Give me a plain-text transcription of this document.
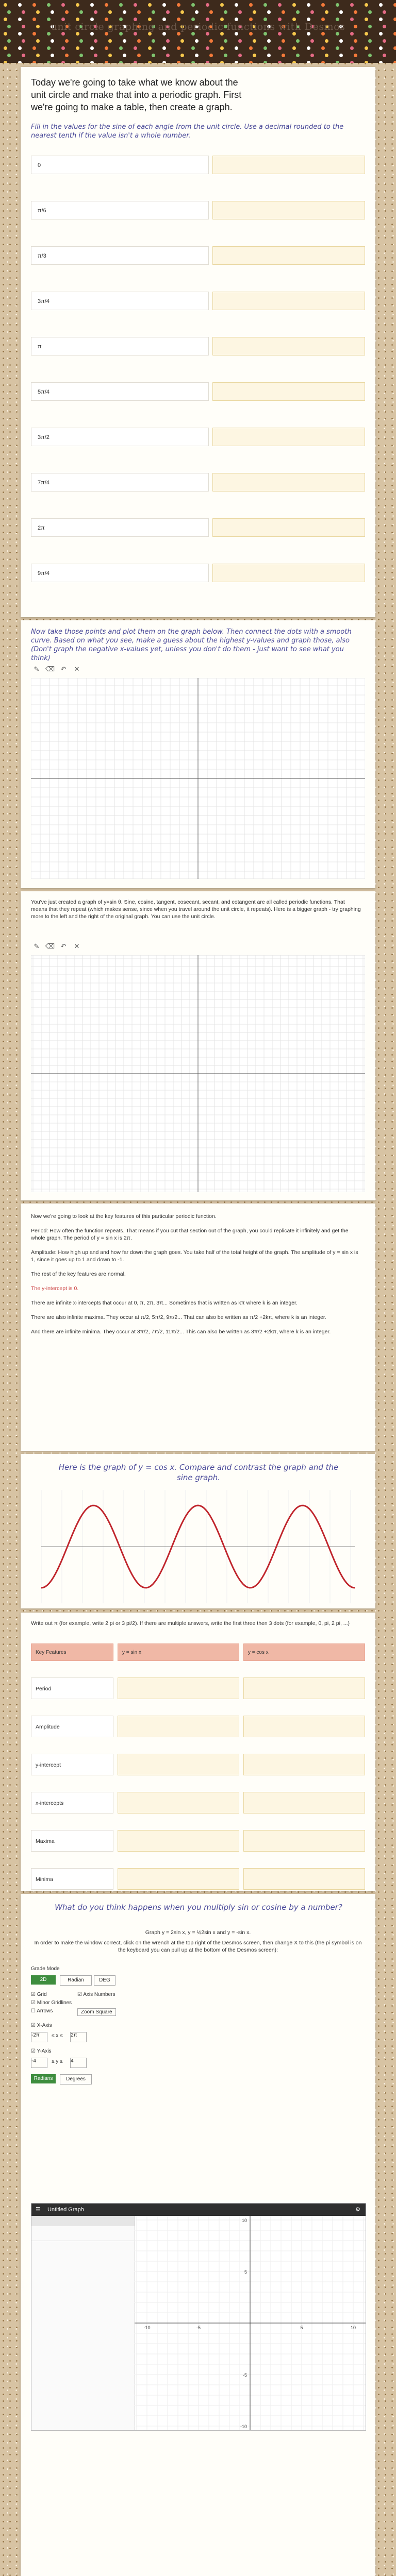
unit circle graphing and periodic functions with Desmos
Today we're going to take what we know about the
unit circle and make that into a periodic graph. First
we're going to make a table, then create a graph.
Fill in the values for the sine of each angle from the unit circle. Use a decimal rounded to the nearest tenth if the value isn't a whole number.
0
π/6
π/3
3π/4
π
5π/4
3π/2
7π/4
2π
9π/4
Now take those points and plot them on the graph below. Then connect the dots with a smooth curve. Based on what you see, make a guess about the highest y-values and graph those, also (Don't graph the negative x-values yet, unless you don't do them - just want to see what you think)
✎ ⌫ ↶	✕
You've just created a graph of y=sin θ. Sine, cosine, tangent, cosecant, secant, and cotangent are all called periodic functions. That means that they repeat (which makes sense, since when you travel around the unit circle, it repeats). Here is a bigger graph - try graphing more to the left and the right of the original graph. You can use the unit circle.
✎ ⌫ ↶	✕
Now we're going to look at the key features of this particular periodic function.

Period: How often the function repeats. That means if you cut that section out of the graph, you could replicate it infinitely and get the whole graph. The period of y = sin x is 2π.

Amplitude: How high up and and how far down the graph goes. You take half of the total height of the graph. The amplitude of y = sin x is 1, since it goes up to 1 and down to -1.

The rest of the key features are normal.

The y-intercept is 0.

There are infinite x-intercepts that occur at 0, π, 2π, 3π... Sometimes that is written as kπ where k is an integer.

There are also infinite maxima. They occur at π/2, 5π/2, 9π/2... That can also be written as π/2 +2kπ, where k is an integer.

And there are infinite minima. They occur at 3π/2, 7π/2, 11π/2... This can also be written as 3π/2 +2kπ, where k is an integer.
Here is the graph of y = cos x. Compare and contrast the graph and the sine graph.
Write out π (for example, write 2 pi or 3 pi/2). If there are multiple answers, write the first three then 3 dots (for example, 0, pi, 2 pi, ...)
Key Features	y = sin x	y = cos x
Period
Amplitude
y-intercept
x-intercepts
Maxima
Minima
What do you think happens when you multiply sin or cosine by a number?
Graph y = 2sin x, y = ½2sin x and y = -sin x.
In order to make the window correct, click on the wrench at the top right of the Desmos screen, then change X to this (the pi symbol is on the keyboard you can pull up at the bottom of the Desmos screen):
Grade Mode
2D	Radian	DEG
☑ Grid	☑ Axis Numbers
☑ Minor Gridlines
☐ Arrows	Zoom Square
☑ X-Axis
-2π	≤ x ≤ 2π
☑ Y-Axis
-4	≤ y ≤ 4
Radians	Degrees
☰ Untitled Graph	⚙
10
5
-5
-10
-10	-5	5	10
